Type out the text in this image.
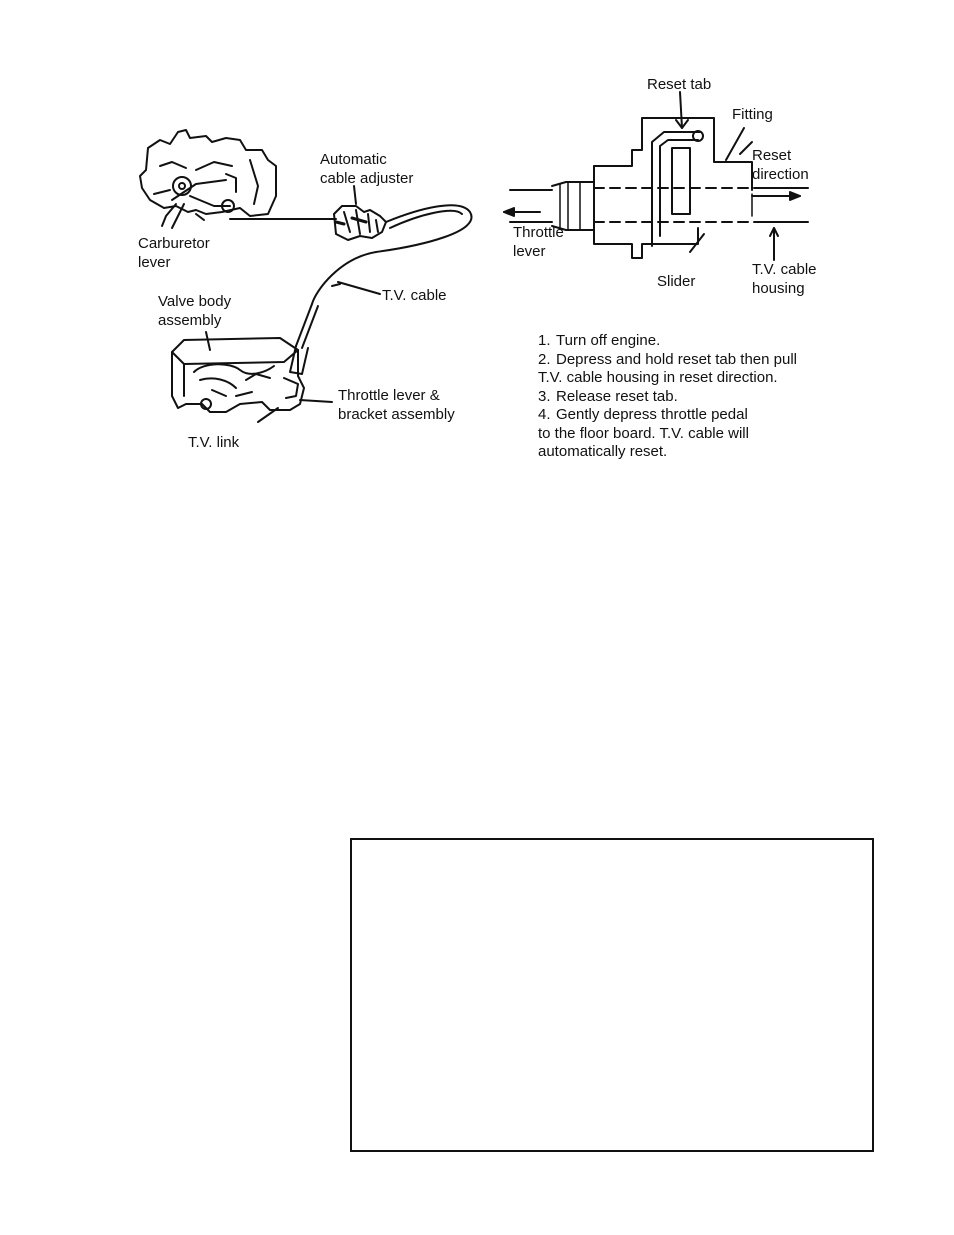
Automatic
cable adjuster
Carburetor
lever
T.V. cable
Valve body
assembly
Throttle lever &
bracket assembly
T.V. link
Reset tab
Fitting
Reset
direction
Throttle
lever
Slider
T.V. cable
housing
1. Turn off engine.
2. Depress and hold reset tab then pull
T.V. cable housing in reset direction.
3. Release reset tab.
4. Gently depress throttle pedal
to the floor board. T.V. cable will
automatically reset.
